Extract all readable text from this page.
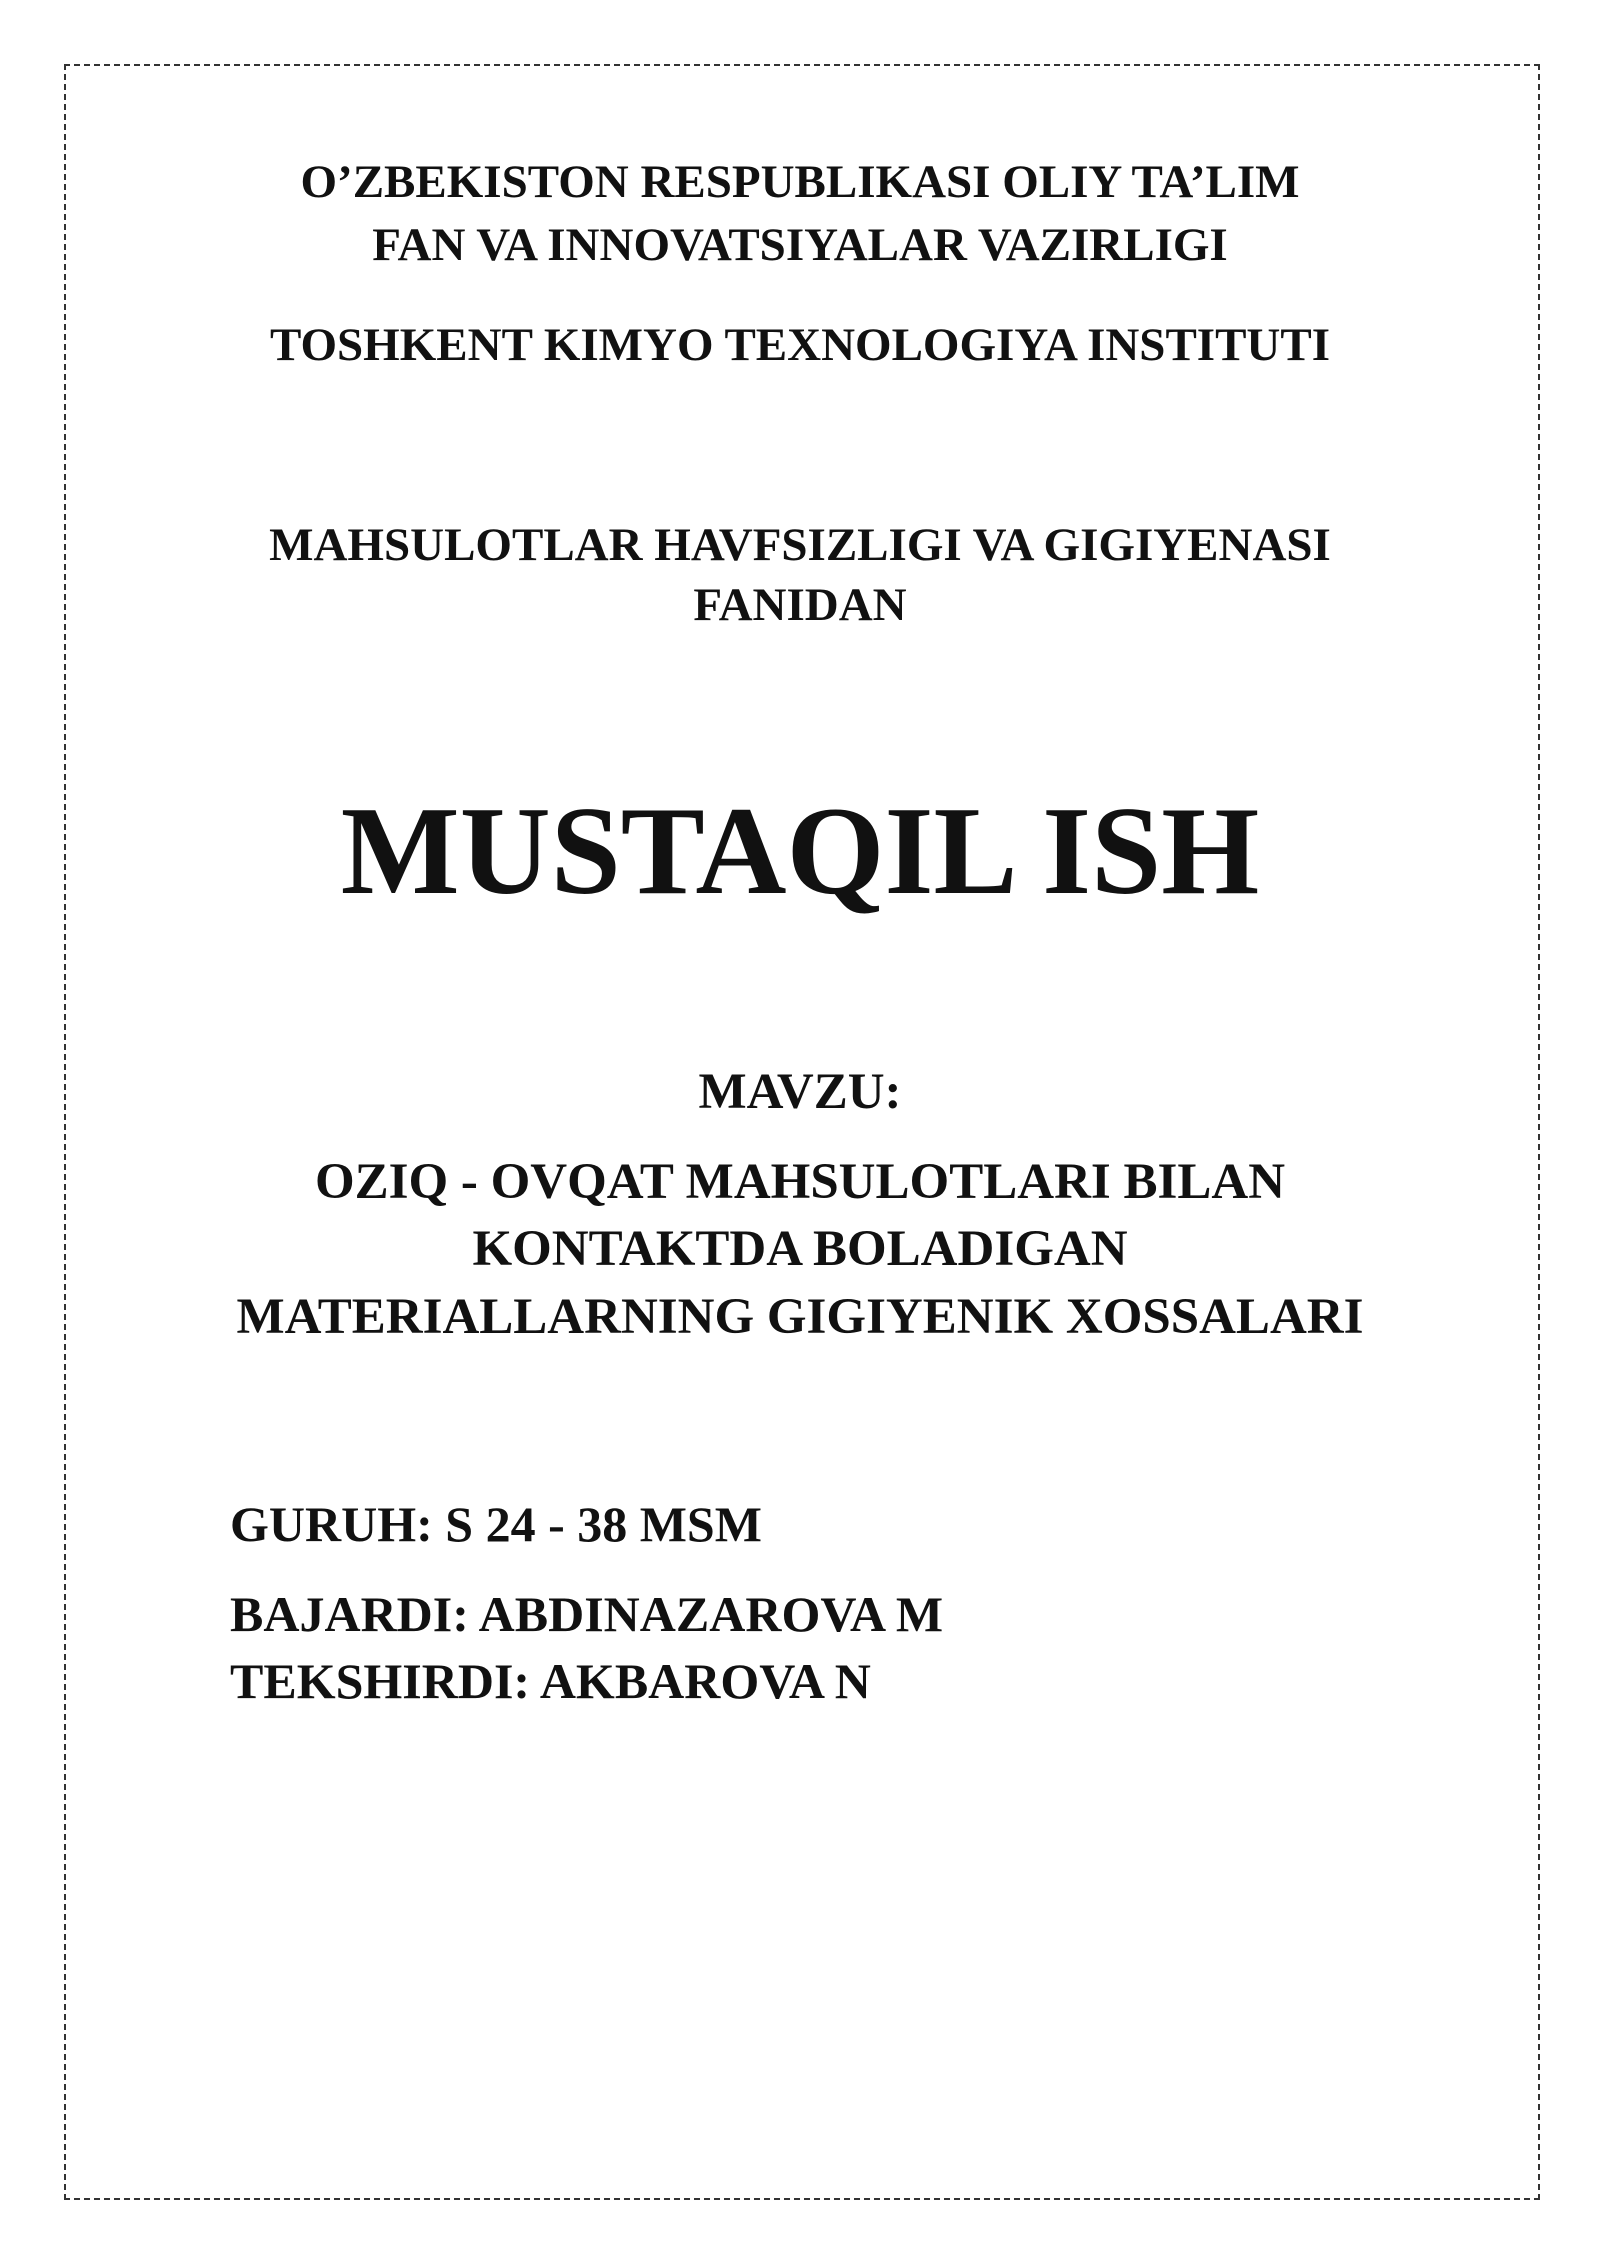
O’ZBEKISTON RESPUBLIKASI OLIY TA’LIM
FAN VA INNOVATSIYALAR VAZIRLIGI
TOSHKENT KIMYO TEXNOLOGIYA INSTITUTI
MAHSULOTLAR HAVFSIZLIGI VA GIGIYENASI
FANIDAN
MUSTAQIL ISH
MAVZU:
OZIQ - OVQAT MAHSULOTLARI BILAN
KONTAKTDA BOLADIGAN
MATERIALLARNING GIGIYENIK XOSSALARI
GURUH: S 24 - 38 MSM
BAJARDI: ABDINAZAROVA M
TEKSHIRDI: AKBAROVA N
